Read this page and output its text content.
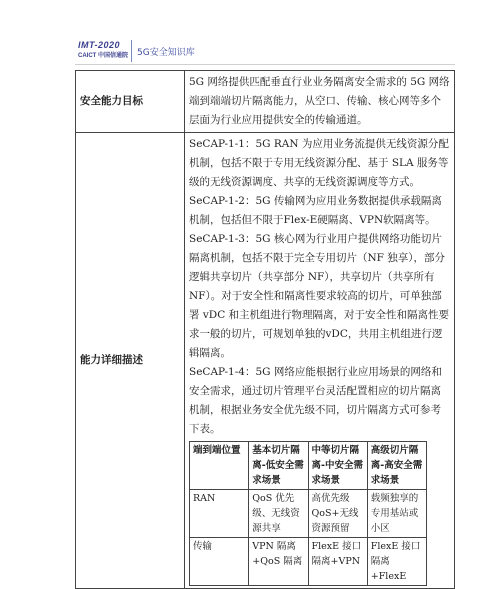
IMT-2020
CAICT 中国信通院 5G安全知识库
安全能力目标	

5G 网络提供匹配垂直行业业务隔离安全需求的 5G 网络端到端端切片隔离能力，从空口、传输、核心网等多个层面为行业应用提供安全的传输通道。

能力详细描述	

SeCAP-1-1：5G RAN 为应用业务流提供无线资源分配机制，包括不限于专用无线资源分配、基于 SLA 服务等级的无线资源调度、共享的无线资源调度等方式。

SeCAP-1-2：5G 传输网为应用业务数据提供承载隔离机制，包括但不限于Flex-E硬隔离、VPN软隔离等。

SeCAP-1-3：5G 核心网为行业用户提供网络功能切片隔离机制，包括不限于完全专用切片（NF 独享），部分逻辑共享切片（共享部分 NF），共享切片（共享所有 NF）。对于安全性和隔离性要求较高的切片，可单独部署 vDC 和主机组进行物理隔离，对于安全性和隔离性要求一般的切片，可规划单独的vDC，共用主机组进行逻辑隔离。

SeCAP-1-4：5G 网络应能根据行业应用场景的网络和安全需求，通过切片管理平台灵活配置相应的切片隔离机制，根据业务安全优先级不同，切片隔离方式可参考下表。

端到端位置	基本切片隔离-低安全需求场景	中等切片隔离-中安全需求场景	高级切片隔离-高安全需求场景
RAN	QoS 优先级、无线资源共享	高优先级QoS+无线资源预留	载频独享的专用基站或小区
传输	VPN 隔离+QoS 隔离	FlexE 接口隔离+VPN	FlexE 接口隔离+FlexE
